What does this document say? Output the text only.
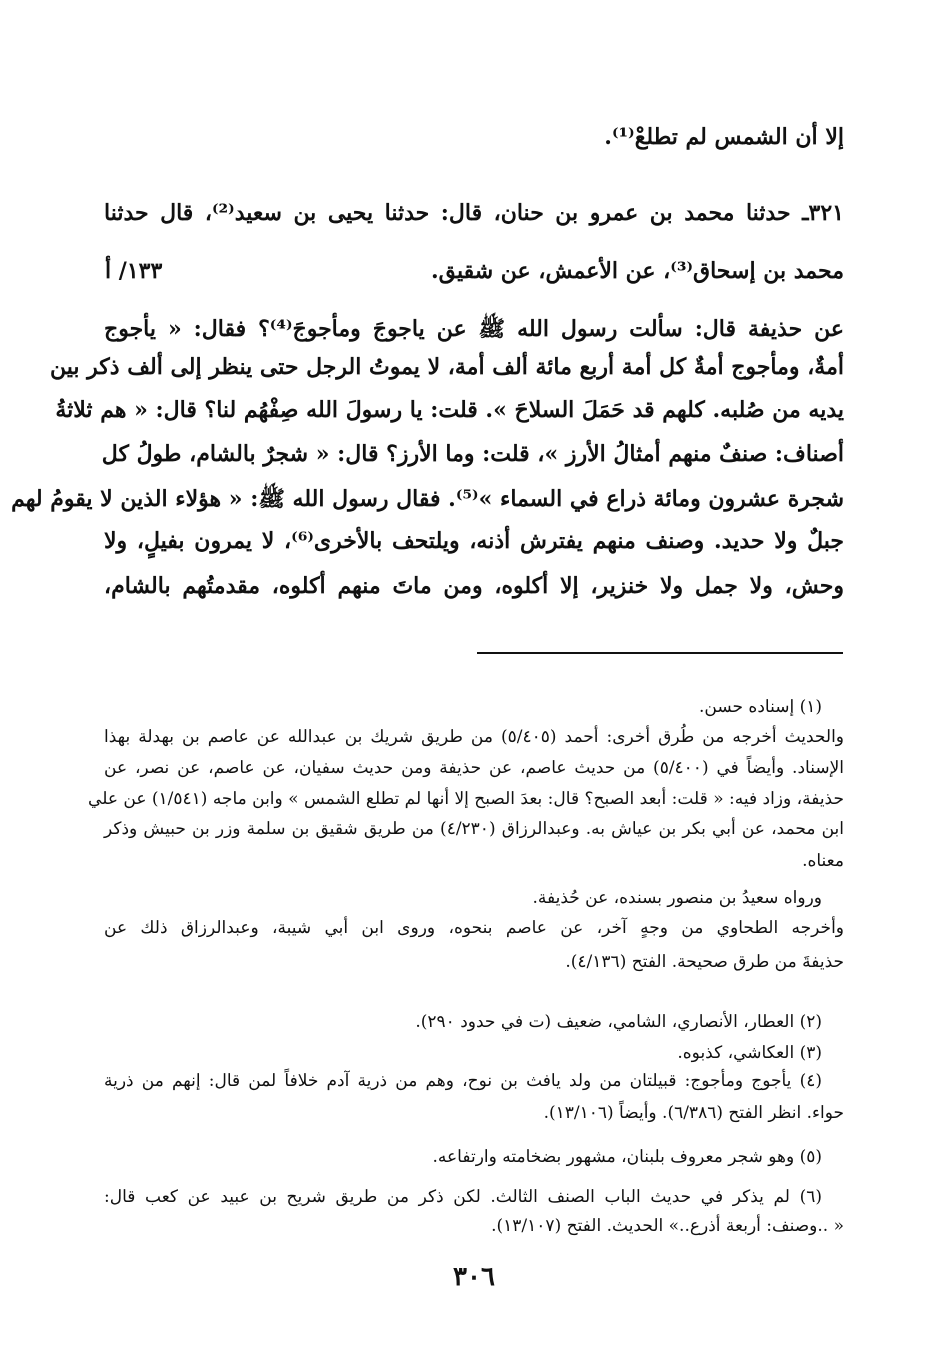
إلا أن الشمس لم تطلعْ⁽¹⁾.
٣٢١ـ حدثنا محمد بن عمرو بن حنان، قال: حدثنا يحيى بن سعيد⁽²⁾، قال حدثنا
محمد بن إسحاق⁽³⁾، عن الأعمش، عن شقيق.
١٣٣/ أ
عن حذيفة قال: سألت رسول الله ﷺ عن ياجوجَ ومأجوجَ⁽⁴⁾؟ فقال: « يأجوج
أمةٌ، ومأجوج أمةٌ كل أمة أربع مائة ألف أمة، لا يموتُ الرجل حتى ينظر إلى ألف ذكر بين
يديه من صُلبه. كلهم قد حَمَلَ السلاحَ ». قلت: يا رسولَ الله صِفْهُم لنا؟ قال: « هم ثلاثةُ
أصناف: صنفٌ منهم أمثالُ الأرز »، قلت: وما الأرز؟ قال: « شجرٌ بالشام، طولُ كل
شجرة عشرون ومائة ذراع في السماء »⁽⁵⁾. فقال رسول الله ﷺ: « هؤلاء الذين لا يقومُ لهم
جبلٌ ولا حديد. وصنف منهم يفترش أذنه، ويلتحف بالأخرى⁽⁶⁾، لا يمرون بفيلٍ، ولا
وحش، ولا جمل ولا خنزير، إلا أكلوه، ومن ماتَ منهم أكلوه، مقدمتُهم بالشام،
(١) إسناده حسن.
والحديث أخرجه من طُرق أخرى: أحمد (٥/٤٠٥) من طريق شريك بن عبدالله عن عاصم بن بهدلة بهذا
الإسناد. وأيضاً في (٥/٤٠٠) من حديث عاصم، عن حذيفة ومن حديث سفيان، عن عاصم، عن نصر، عن
حذيفة، وزاد فيه: « قلت: أبعد الصبح؟ قال: بعدَ الصبح إلا أنها لم تطلع الشمس » وابن ماجه (١/٥٤١) عن علي
ابن محمد، عن أبي بكر بن عياش به. وعبدالرزاق (٤/٢٣٠) من طريق شقيق بن سلمة وزر بن حبيش وذكر
معناه.
ورواه سعيدُ بن منصور بسنده، عن حُذيفة.
وأخرجه الطحاوي من وجهٍ آخر، عن عاصم بنحوه، وروى ابن أبي شيبة، وعبدالرزاق ذلك عن
حذيفةَ من طرق صحيحة. الفتح (٤/١٣٦).
(٢) العطار، الأنصاري، الشامي، ضعيف (ت في حدود ٢٩٠).
(٣) العكاشي، كذبوه.
(٤) يأجوج ومأجوج: قبيلتان من ولد يافث بن نوح، وهم من ذرية آدم خلافاً لمن قال: إنهم من ذرية
حواء. انظر الفتح (٦/٣٨٦). وأيضاً (١٣/١٠٦).
(٥) وهو شجر معروف بلبنان، مشهور بضخامته وارتفاعه.
(٦) لم يذكر في حديث الباب الصنف الثالث. لكن ذكر من طريق شريح بن عبيد عن كعب قال:
« ..وصنف: أربعة أذرع..» الحديث. الفتح (١٣/١٠٧).
٣٠٦
